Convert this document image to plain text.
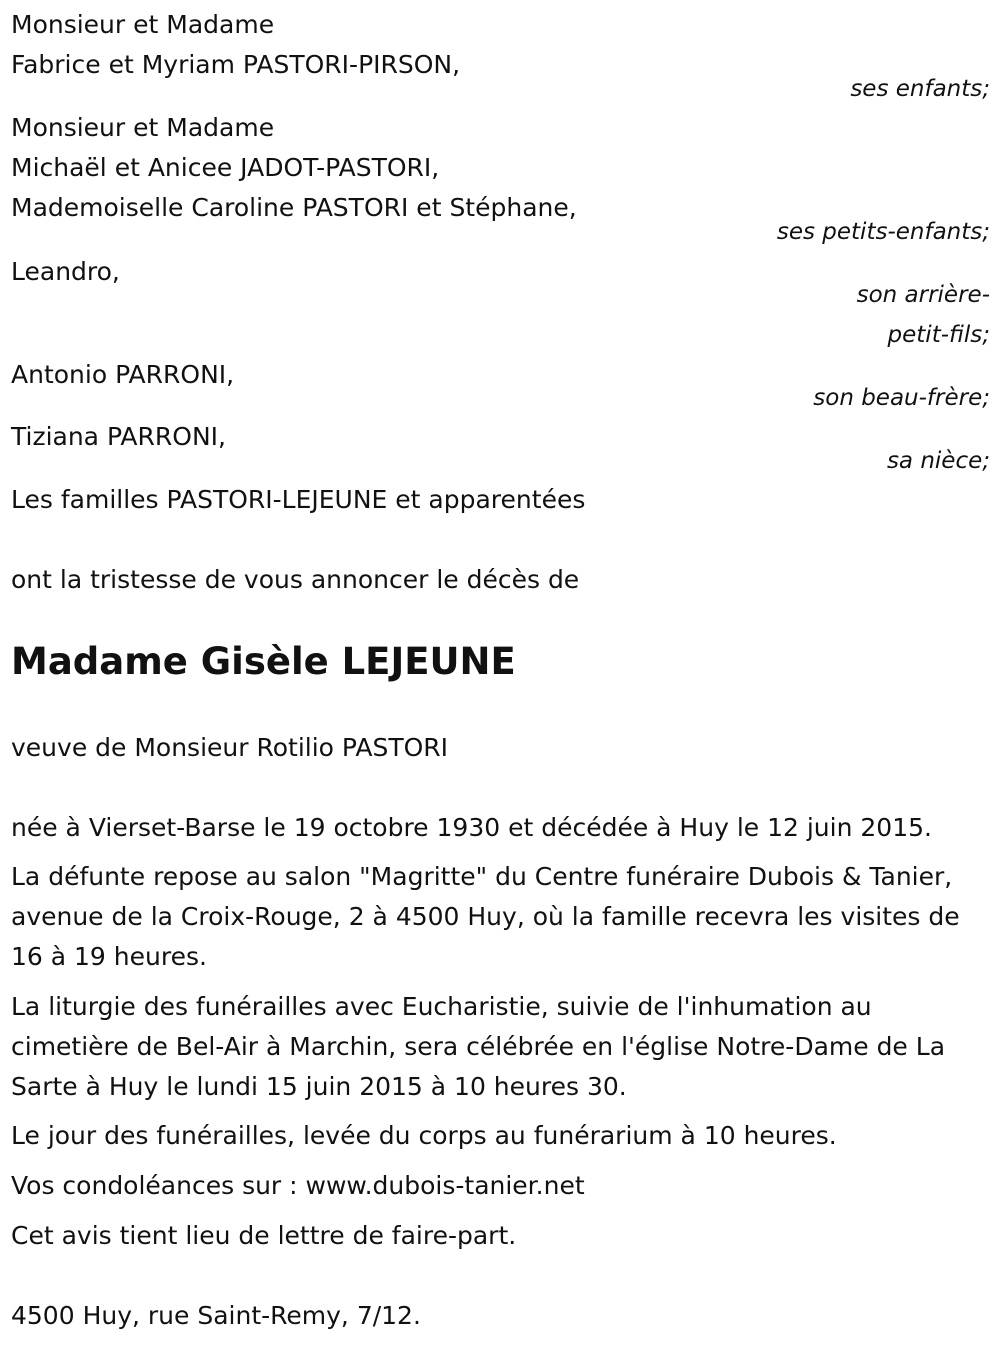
Monsieur et Madame
Fabrice et Myriam PASTORI-PIRSON,
ses enfants;
Monsieur et Madame
Michaël et Anicee JADOT-PASTORI,
Mademoiselle Caroline PASTORI et Stéphane,
ses petits-enfants;
Leandro,
son arrière-
petit-fils;
Antonio PARRONI,
son beau-frère;
Tiziana PARRONI,
sa nièce;
Les familles PASTORI-LEJEUNE et apparentées
ont la tristesse de vous annoncer le décès de
Madame Gisèle LEJEUNE
veuve de Monsieur Rotilio PASTORI
née à Vierset-Barse le 19 octobre 1930 et décédée à Huy le 12 juin 2015.
La défunte repose au salon "Magritte" du Centre funéraire Dubois & Tanier, avenue de la Croix-Rouge, 2 à 4500 Huy, où la famille recevra les visites de 16 à 19 heures.
La liturgie des funérailles avec Eucharistie, suivie de l'inhumation au cimetière de Bel-Air à Marchin, sera célébrée en l'église Notre-Dame de La Sarte à Huy le lundi 15 juin 2015 à 10 heures 30.
Le jour des funérailles, levée du corps au funérarium à 10 heures.
Vos condoléances sur : www.dubois-tanier.net
Cet avis tient lieu de lettre de faire-part.
4500 Huy, rue Saint-Remy, 7/12.
